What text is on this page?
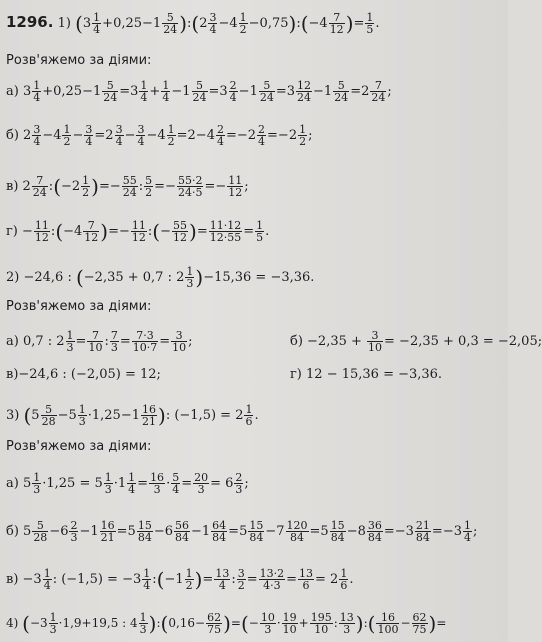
1296. 1) ($3 \frac{1}{4} +0,25-1 \frac{5}{24}$ ):(2 $\frac{3}{4} -4 \frac{1}{2}$ −0,75):(−4 $\frac{7}{12}$ )= $\frac{1}{5}$ .
Розв'яжемо за діями:
а) $3 \frac{1}{4} +0,25-1 \frac{5}{24} =3 \frac{1}{4} + \frac{1}{4} -1 \frac{5}{24} =3 \frac{2}{4} -1 \frac{5}{24} =3 \frac{12}{24} -1 \frac{5}{24} =2 \frac{7}{24}$ ;
б) $2 \frac{3}{4} -4 \frac{1}{2} - \frac{3}{4} =2 \frac{3}{4} - \frac{3}{4} -4 \frac{1}{2} =2-4 \frac{2}{4} =-2 \frac{2}{4} =-2 \frac{1}{2}$ ;
в) $2 \frac{7}{24}$ :(−2 $\frac{1}{2}$ )=− $\frac{55}{24}$ : $\frac{5}{2} =- \frac{55\cdot 2}{24\cdot 5} =- \frac{11}{12}$ ;
$г) - \frac{11}{12}$ :(−4 $\frac{7}{12}$ )=− $\frac{11}{12}$ :(− $\frac{55}{12}$ )= $\frac{11\cdot 12}{12\cdot 55} = \frac{1}{5}$ .
2) −24,6 : (−2,35 + 0,7 : $2 \frac{1}{3} )-15,36 = -3,36$.
Розв'яжемо за діями:
а) 0,7 : $2 \frac{1}{3} = \frac{7}{10}$ : $\frac{7}{3} = \frac{7\cdot 3}{10\cdot 7} = \frac{3}{10}$ ;	$б) -2,35 + \frac{3}{10} = -2,35 + 0,3 = -2,05$;
в)−24,6 : (−2,05) = 12;	г) 12 − 15,36 = −3,36.
3) ($5 \frac{5}{28} -5 \frac{1}{3} \cdot 1,25-1 \frac{16}{21}$ ): $(-1,5) = 2 \frac{1}{6}$ .
Розв'яжемо за діями:
а) $5 \frac{1}{3} \cdot 1,25 = 5 \frac{1}{3} \cdot 1 \frac{1}{4} = \frac{16}{3} \cdot \frac{5}{4} = \frac{20}{3} = 6 \frac{2}{3}$ ;
б) $5 \frac{5}{28} -6 \frac{2}{3} -1 \frac{16}{21} =5 \frac{15}{84} -6 \frac{56}{84} -1 \frac{64}{84} =5 \frac{15}{84} -7 \frac{120}{84} =5 \frac{15}{84} -8 \frac{36}{84} =-3 \frac{21}{84} =-3 \frac{1}{4}$ ;
$в) -3 \frac{1}{4}$ : $(-1,5) = -3 \frac{1}{4}$ :(−1 $\frac{1}{2}$ )= $\frac{13}{4}$ : $\frac{3}{2} = \frac{13\cdot 2}{4\cdot 3} = \frac{13}{6} = 2 \frac{1}{6}$ .
4) ($-3 \frac{1}{3} \cdot 1,9+19,5$ : $4 \frac{1}{3}$ ):(0,16− $\frac{62}{75}$ )=(− $\frac{10}{3} \cdot \frac{19}{10} + \frac{195}{10}$ : $\frac{13}{3}$ ):( $\frac{16}{100} - \frac{62}{75}$ )=
